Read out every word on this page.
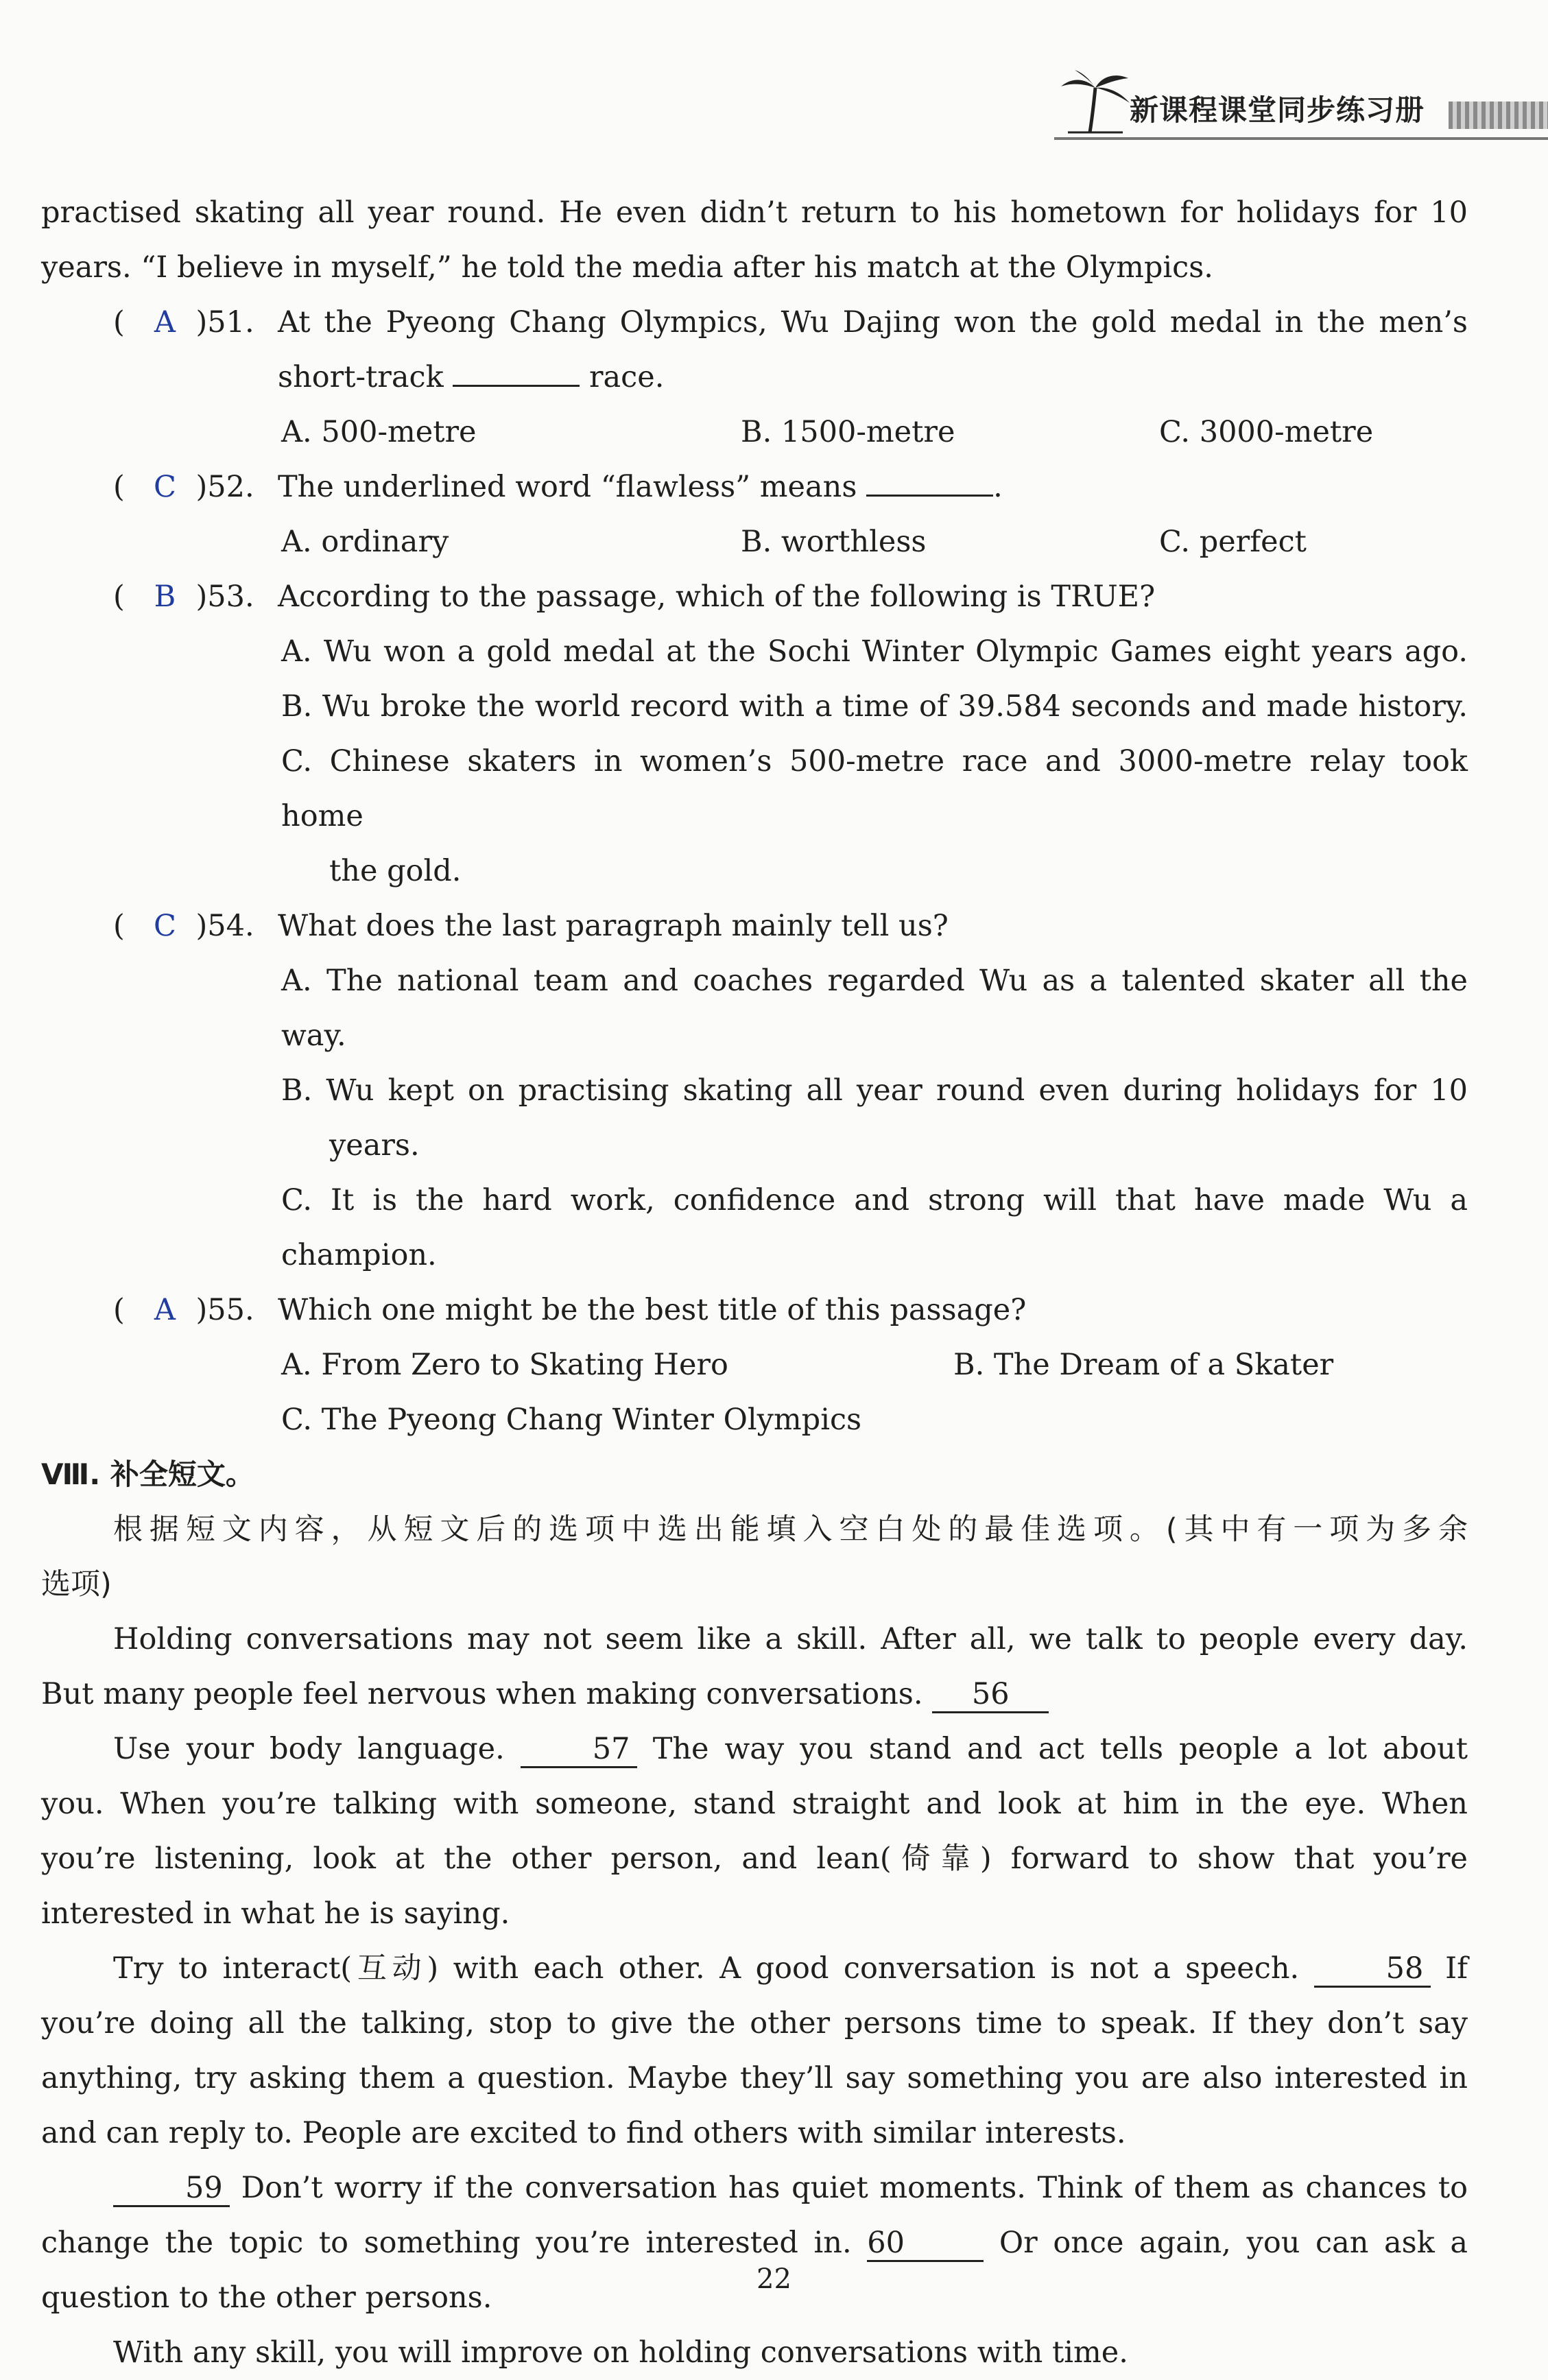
新课程课堂同步练习册

practised skating all year round. He even didn’t return to his hometown for holidays for 10

years. “I believe in myself,” he told the media after his match at the Olympics.

( A )51. At the Pyeong Chang Olympics, Wu Dajing won the gold medal in the men’s

short-track	race.

A. 500-metre	B. 1500-metre	C. 3000-metre
( C )52. The underlined word “flawless” means	.

A. ordinary	B. worthless	C. perfect
( B )53. According to the passage, which of the following is TRUE?

A. Wu won a gold medal at the Sochi Winter Olympic Games eight years ago.

B. Wu broke the world record with a time of 39.584 seconds and made history.

C. Chinese skaters in women’s 500-metre race and 3000-metre relay took home

the gold.

( C )54. What does the last paragraph mainly tell us?

A. The national team and coaches regarded Wu as a talented skater all the way.

B. Wu kept on practising skating all year round even during holidays for 10

years.

C. It is the hard work, confidence and strong will that have made Wu a champion.

( A )55. Which one might be the best title of this passage?

A. From Zero to Skating Hero	B. The Dream of a Skater

C. The Pyeong Chang Winter Olympics

Ⅷ. 补全短文。

根据短文内容，从短文后的选项中选出能填入空白处的最佳选项。(其中有一项为多余

选项)

Holding conversations may not seem like a skill. After all, we talk to people every day.

But many people feel nervous when making conversations. 56

Use your body language.	57 The way you stand and act tells people a lot about

you. When you’re talking with someone, stand straight and look at him in the eye. When

you’re listening, look at the other person, and lean(倚靠) forward to show that you’re

interested in what he is saying.

Try to interact(互动) with each other. A good conversation is not a speech.	58 If

you’re doing all the talking, stop to give the other persons time to speak. If they don’t say

anything, try asking them a question. Maybe they’ll say something you are also interested in

and can reply to. People are excited to find others with similar interests.

59 Don’t worry if the conversation has quiet moments. Think of them as chances to

change the topic to something you’re interested in. 60	Or once again, you can ask a

question to the other persons.

With any skill, you will improve on holding conversations with time.

22
